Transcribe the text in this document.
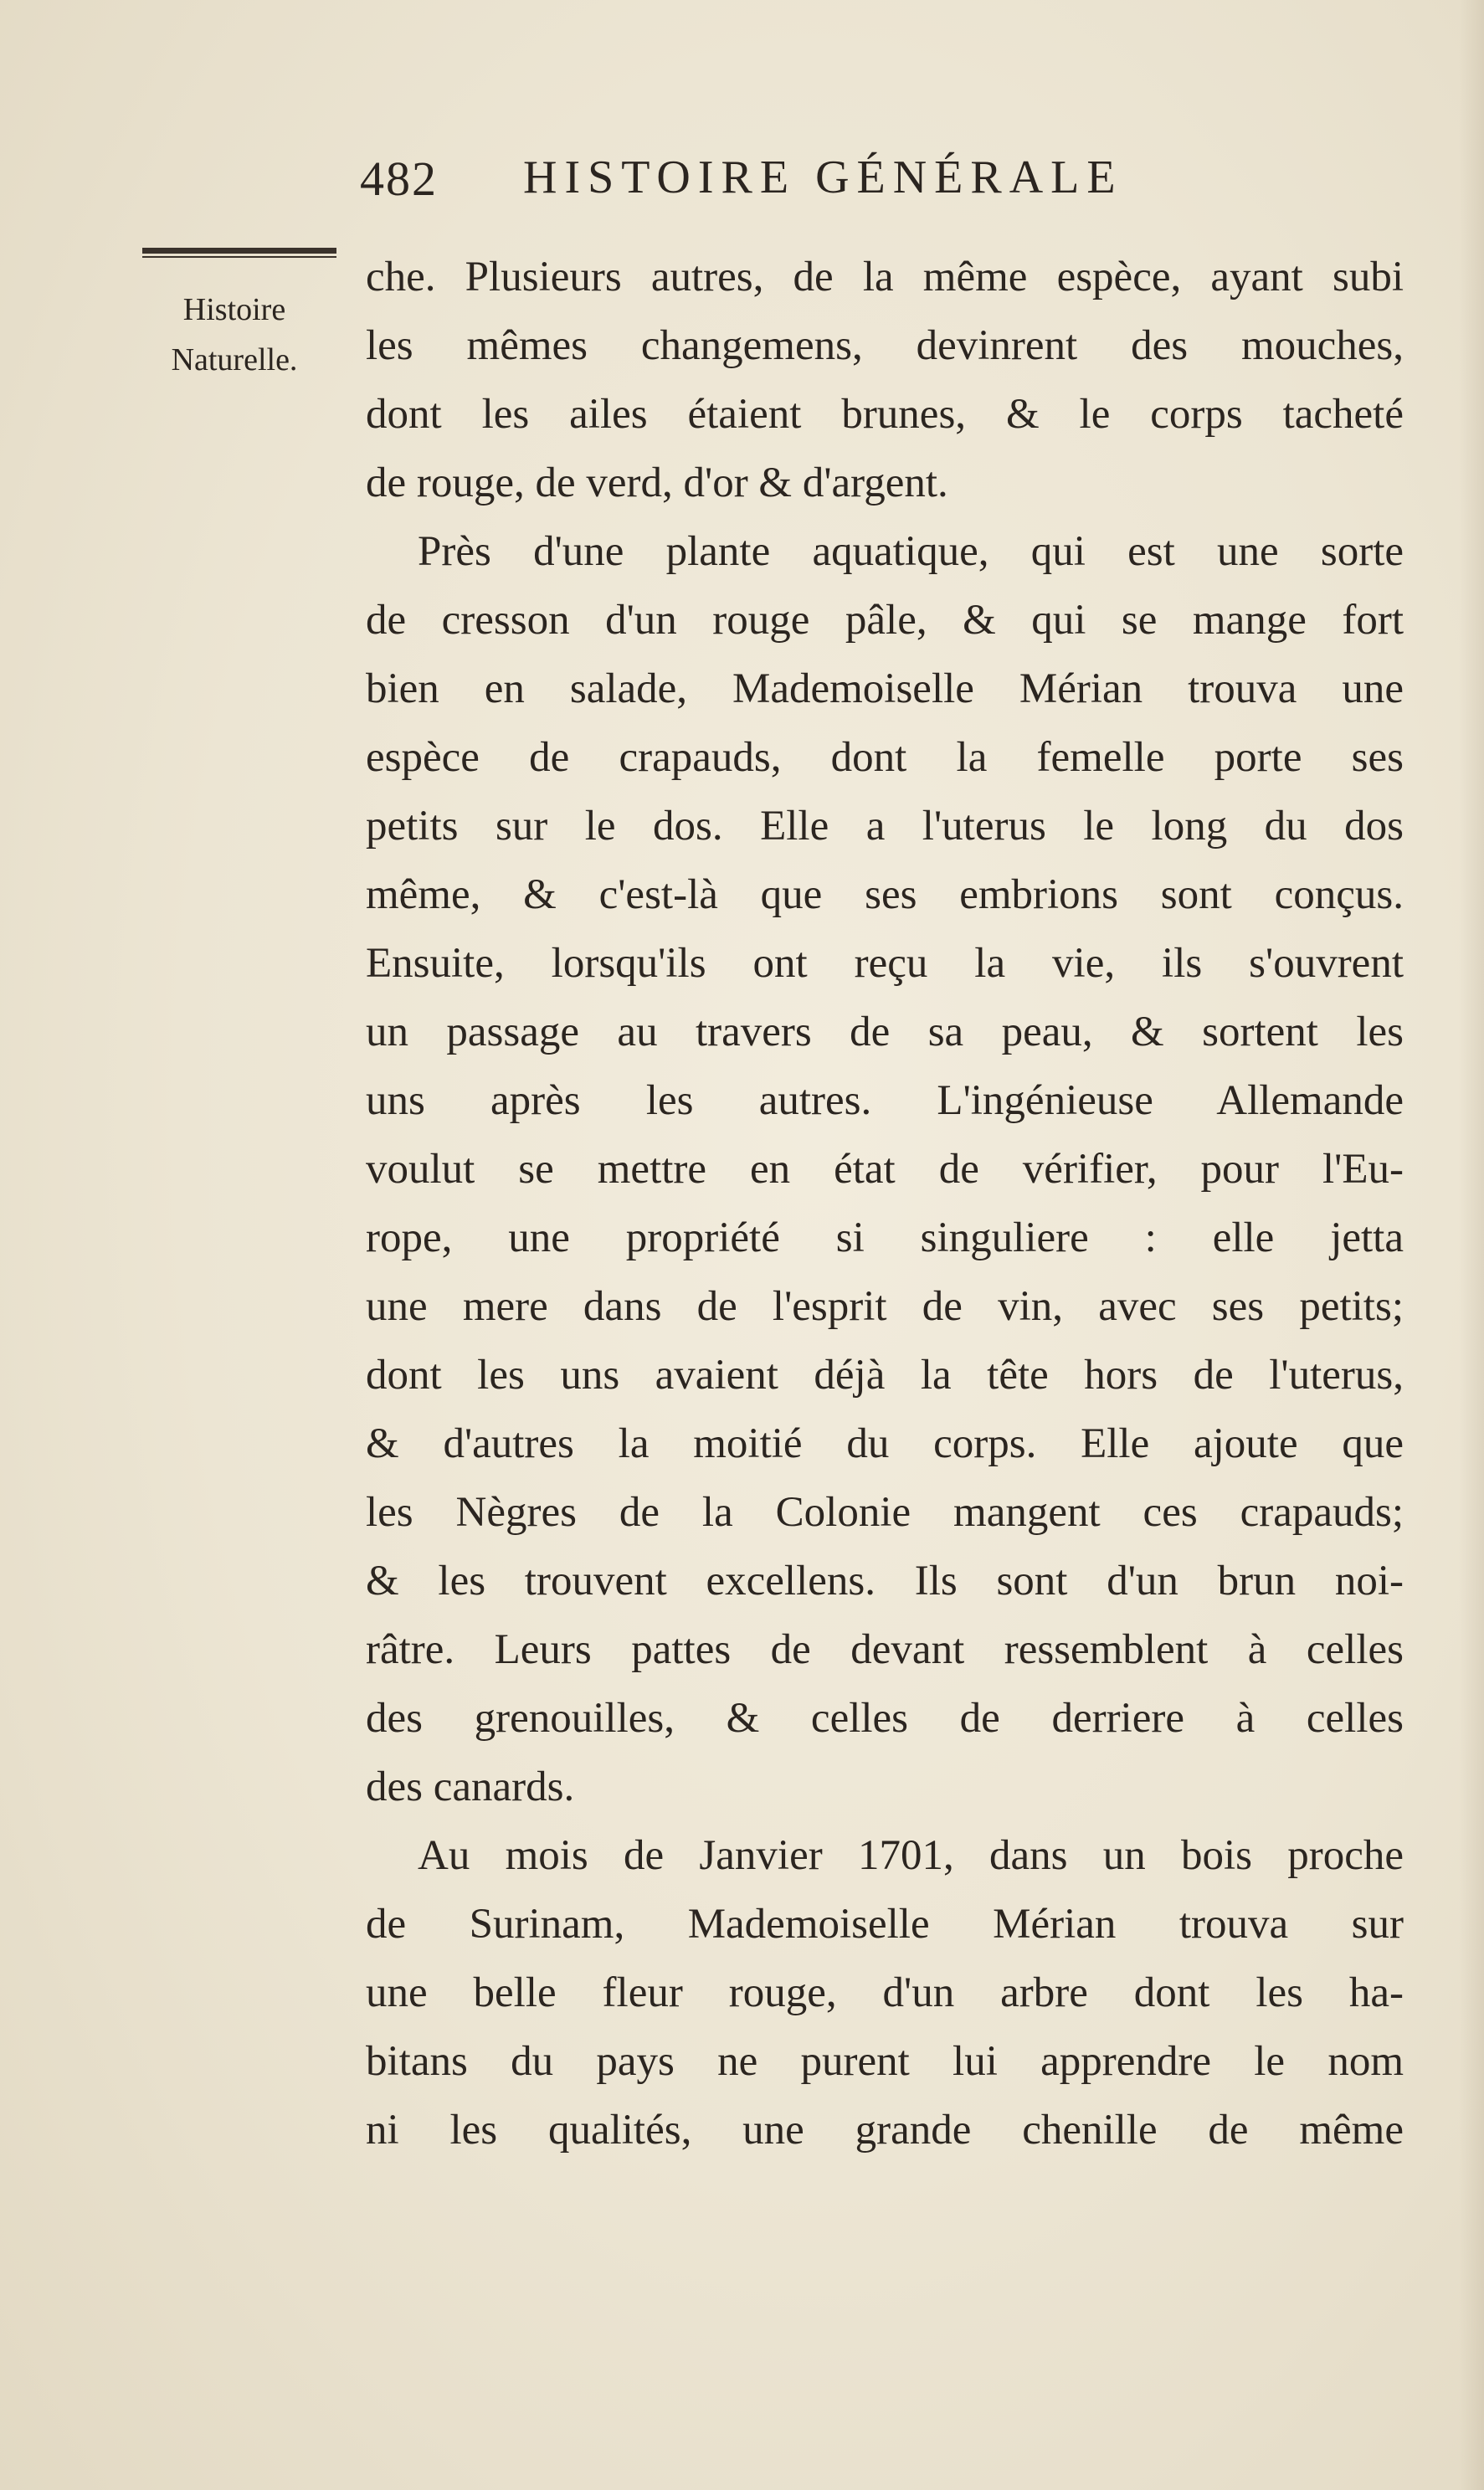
482 HISTOIRE GÉNÉRALE
Histoire
Naturelle.
che. Plusieurs autres, de la même espèce, ayant subi
les mêmes changemens, devinrent des mouches,
dont les ailes étaient brunes, & le corps tacheté
de rouge, de verd, d'or & d'argent.
Près d'une plante aquatique, qui est une sorte
de cresson d'un rouge pâle, & qui se mange fort
bien en salade, Mademoiselle Mérian trouva une
espèce de crapauds, dont la femelle porte ses
petits sur le dos. Elle a l'uterus le long du dos
même, & c'est-là que ses embrions sont conçus.
Ensuite, lorsqu'ils ont reçu la vie, ils s'ouvrent
un passage au travers de sa peau, & sortent les
uns après les autres. L'ingénieuse Allemande
voulut se mettre en état de vérifier, pour l'Eu-
rope, une propriété si singuliere : elle jetta
une mere dans de l'esprit de vin, avec ses petits;
dont les uns avaient déjà la tête hors de l'uterus,
& d'autres la moitié du corps. Elle ajoute que
les Nègres de la Colonie mangent ces crapauds;
& les trouvent excellens. Ils sont d'un brun noi-
râtre. Leurs pattes de devant ressemblent à celles
des grenouilles, & celles de derriere à celles
des canards.
Au mois de Janvier 1701, dans un bois proche
de Surinam, Mademoiselle Mérian trouva sur
une belle fleur rouge, d'un arbre dont les ha-
bitans du pays ne purent lui apprendre le nom
ni les qualités, une grande chenille de même
